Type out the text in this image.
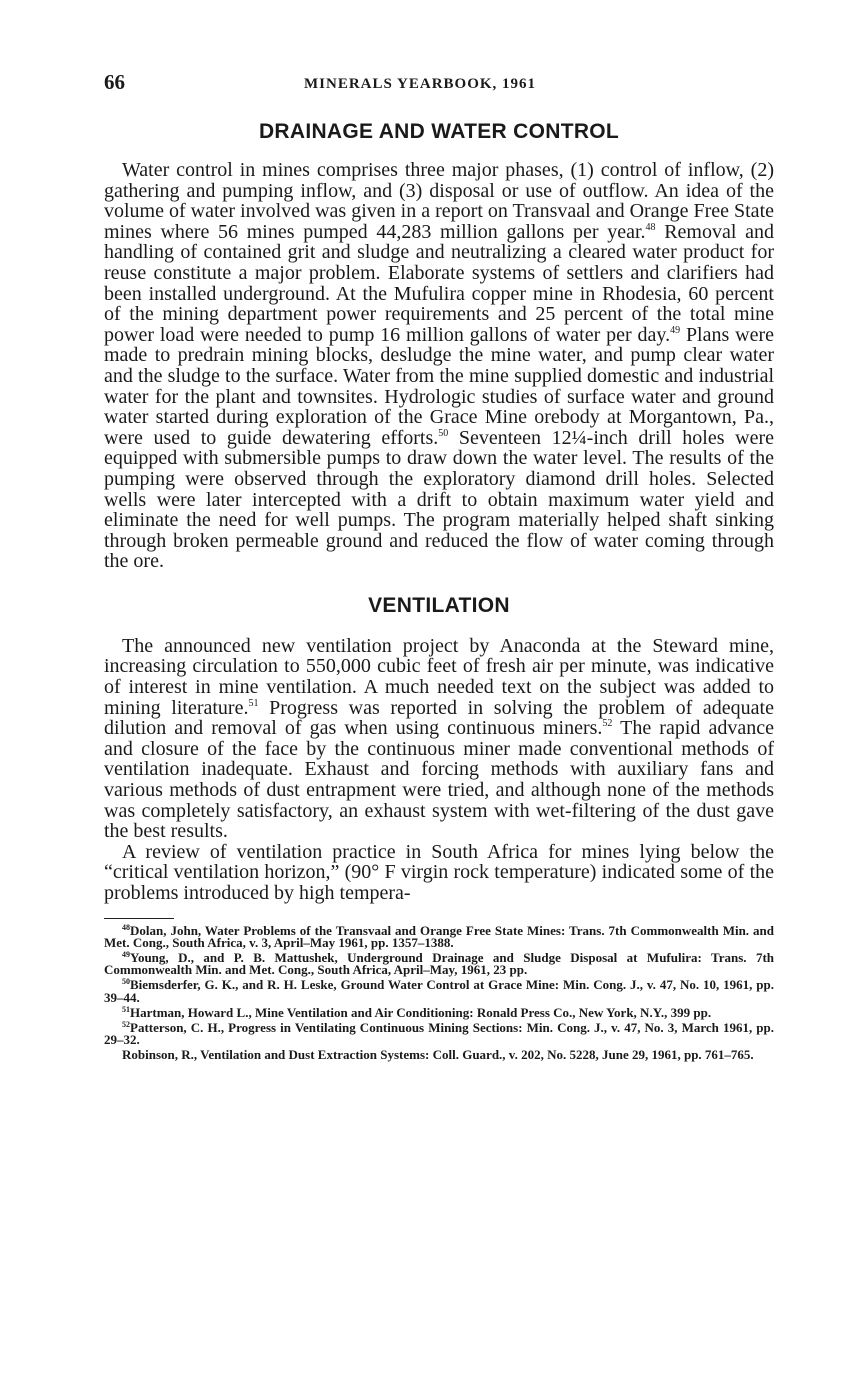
66	MINERALS YEARBOOK, 1961
DRAINAGE AND WATER CONTROL

Water control in mines comprises three major phases, (1) control of inflow, (2) gathering and pumping inflow, and (3) disposal or use of outflow. An idea of the volume of water involved was given in a report on Transvaal and Orange Free State mines where 56 mines pumped 44,283 million gallons per year.$^{48}$ Removal and handling of contained grit and sludge and neutralizing a cleared water product for reuse constitute a major problem. Elaborate systems of settlers and clarifiers had been installed underground. At the Mufulira copper mine in Rhodesia, 60 percent of the mining department power requirements and 25 percent of the total mine power load were needed to pump 16 million gallons of water per day.$^{49}$ Plans were made to predrain mining blocks, desludge the mine water, and pump clear water and the sludge to the surface. Water from the mine supplied domestic and industrial water for the plant and townsites. Hydrologic studies of surface water and ground water started during exploration of the Grace Mine orebody at Morgantown, Pa., were used to guide dewatering efforts.$^{50}$ Seventeen 12¼-inch drill holes were equipped with submersible pumps to draw down the water level. The results of the pumping were observed through the exploratory diamond drill holes. Selected wells were later intercepted with a drift to obtain maximum water yield and eliminate the need for well pumps. The program materially helped shaft sinking through broken permeable ground and reduced the flow of water coming through the ore.

VENTILATION

The announced new ventilation project by Anaconda at the Steward mine, increasing circulation to 550,000 cubic feet of fresh air per minute, was indicative of interest in mine ventilation. A much needed text on the subject was added to mining literature.$^{51}$ Progress was reported in solving the problem of adequate dilution and removal of gas when using continuous miners.$^{52}$ The rapid advance and closure of the face by the continuous miner made conventional methods of ventilation inadequate. Exhaust and forcing methods with auxiliary fans and various methods of dust entrapment were tried, and although none of the methods was completely satisfactory, an exhaust system with wet-filtering of the dust gave the best results.

A review of ventilation practice in South Africa for mines lying below the “critical ventilation horizon,” (90° F virgin rock temperature) indicated some of the problems introduced by high tempera-

$^{48}$Dolan, John, Water Problems of the Transvaal and Orange Free State Mines: Trans. 7th Commonwealth Min. and Met. Cong., South Africa, v. 3, April–May 1961, pp. 1357–1388.

$^{49}$Young, D., and P. B. Mattushek, Underground Drainage and Sludge Disposal at Mufulira: Trans. 7th Commonwealth Min. and Met. Cong., South Africa, April–May, 1961, 23 pp.

$^{50}$Biemsderfer, G. K., and R. H. Leske, Ground Water Control at Grace Mine: Min. Cong. J., v. 47, No. 10, 1961, pp. 39–44.

$^{51}$Hartman, Howard L., Mine Ventilation and Air Conditioning: Ronald Press Co., New York, N.Y., 399 pp.

$^{52}$Patterson, C. H., Progress in Ventilating Continuous Mining Sections: Min. Cong. J., v. 47, No. 3, March 1961, pp. 29–32.

Robinson, R., Ventilation and Dust Extraction Systems: Coll. Guard., v. 202, No. 5228, June 29, 1961, pp. 761–765.
